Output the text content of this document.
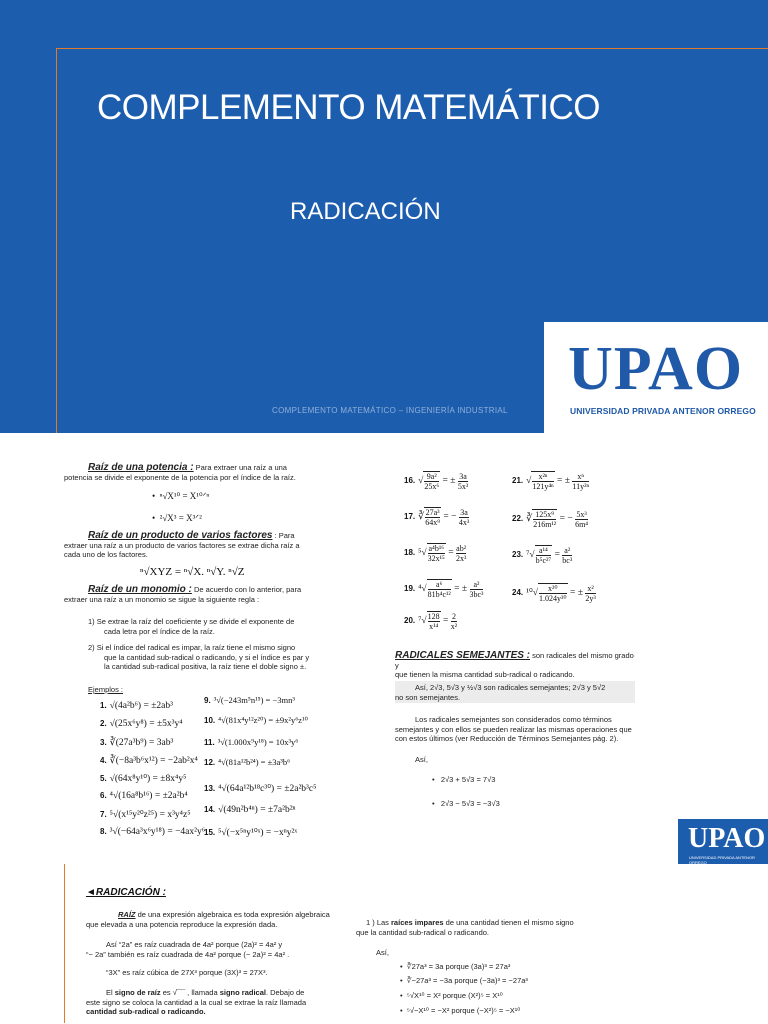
COMPLEMENTO MATEMÁTICO
RADICACIÓN
COMPLEMENTO MATEMÁTICO – INGENIERÍA INDUSTRIAL
UPAO
UNIVERSIDAD PRIVADA ANTENOR ORREGO
Raíz de una potencia : Para extraer una raíz a una
potencia se divide el exponente de la potencia por el índice de la raíz.
•  ⁿ√X¹⁰ = X¹⁰ᐟⁿ
•  ²√X³ = X³ᐟ²
Raíz de un producto de varios factores : Para
extraer una raíz a un producto de varios factores se extrae dicha raíz a
cada uno de los factores.
ⁿ√XYZ = ⁿ√X. ⁿ√Y. ⁿ√Z
Raíz de un monomio : De acuerdo con lo anterior, para
extraer una raíz a un monomio se sigue la siguiente regla :
1) Se extrae la raíz del coeficiente y se divide el exponente de
cada letra por el índice de la raíz.
2) Si el índice del radical es impar, la raíz tiene el mismo signo
que la cantidad sub-radical o radicando, y si el índice es par y
la cantidad sub-radical positiva, la raíz tiene el doble signo ±.
Ejemplos :
1. √(4a²b⁶) = ±2ab³
2. √(25x⁶y⁸) = ±5x³y⁴
3. ∛(27a³b⁹) = 3ab³
4. ∛(−8a³b⁶x¹²) = −2ab²x⁴
5. √(64x⁸y¹⁰) = ±8x⁴y⁵
6. ⁴√(16a⁸b¹⁶) = ±2a²b⁴
7. ⁵√(x¹⁵y²⁰z²⁵) = x³y⁴z⁵
8. ³√(−64a³x⁶y¹⁸) = −4ax²y⁶
9. ³√(−243m⁵n¹⁵) = −3mn³
10. ⁴√(81x⁴y¹²z²⁰) = ±9x²y⁶z¹⁰
11. ³√(1.000x⁹y¹⁸) = 10x³y⁶
12. ⁴√(81a¹²b²⁴) = ±3a³b⁶
13. ⁴√(64a¹²b¹⁸c³⁰) = ±2a²b³c⁵
14. √(49n²b⁴ⁿ) = ±7a²b²ⁿ
15. ⁵√(−x⁵ⁿy¹⁰ˣ) = −xⁿy²ˣ
16. √ $\frac{\text{9a²}}{\text{25x⁶}}$ = ± $\frac{3a}{\text{5x³}}$
17. ∛ $\frac{\text{27a³}}{\text{64x⁹}}$ = − $\frac{3a}{\text{4x³}}$
18. $^5√ \frac{\text{a⁴b¹⁶}}{\text{32x¹⁵}} = \frac{\text{ab²}}{\text{2x³}}$
19. $^4√ \frac{\text{a⁶}}{\text{81b⁴c¹²}}$ = ± $\frac{\text{a²}}{\text{3bc³}}$
20. $^7√ \frac{128}{\text{x¹⁴}} = \frac{2}{\text{x²}}$
21. √ $\frac{\text{x²ⁿ}}{\text{121y⁴ⁿ}}$ = ± $\frac{\text{xⁿ}}{\text{11y²ⁿ}}$
22. ∛ $\frac{\text{125x⁹}}{\text{216m¹²}}$ = − $\frac{\text{5x³}}{\text{6m⁴}}$
23. $^7√ \frac{\text{a¹⁴}}{\text{b⁵c²⁷}} = \frac{\text{a²}}{\text{bc³}}$
24. $^{10}√ \frac{\text{x²⁰}}{\text{1.024y³⁰}}$ = ± $\frac{\text{x²}}{\text{2y³}}$
RADICALES SEMEJANTES : son radicales del mismo grado y
que tienen la misma cantidad sub-radical o radicando.
Así, 2√3, 5√3 y ½√3 son radicales semejantes; 2√3 y 5√2
no son semejantes.
Los radicales semejantes son considerados como términos
semejantes y con ellos se pueden realizar las mismas operaciones que
con estos últimos (ver Reducción de Términos Semejantes pág. 2).
Así,
•   2√3 + 5√3 = 7√3
•   2√3 − 5√3 = −3√3
UPAO
UNIVERSIDAD PRIVADA ANTENOR ORREGO
◄RADICACIÓN :
RAÍZ de una expresión algebraica es toda expresión algebraica
que elevada a una potencia reproduce la expresión dada.
Así “2a” es raíz cuadrada de 4a² porque (2a)² = 4a² y
“− 2a” también es raíz cuadrada de 4a² porque (− 2a)² = 4a² .
“3X” es raíz cúbica de 27X³ porque (3X)³ = 27X³.
El signo de raíz es √¯¯ , llamada signo radical. Debajo de
este signo se coloca la cantidad a la cual se extrae la raíz llamada
cantidad sub-radical o radicando.
1 ) Las raíces impares de una cantidad tienen el mismo signo
que la cantidad sub-radical o radicando.
Así,
•  ∛27a³ = 3a porque (3a)³ = 27a³
•  ∛−27a³ = −3a porque (−3a)³ = −27a³
•  ⁵√X¹⁰ = X² porque (X²)⁵ = X¹⁰
•  ⁵√−X¹⁰ = −X² porque (−X²)⁵ = −X¹⁰
